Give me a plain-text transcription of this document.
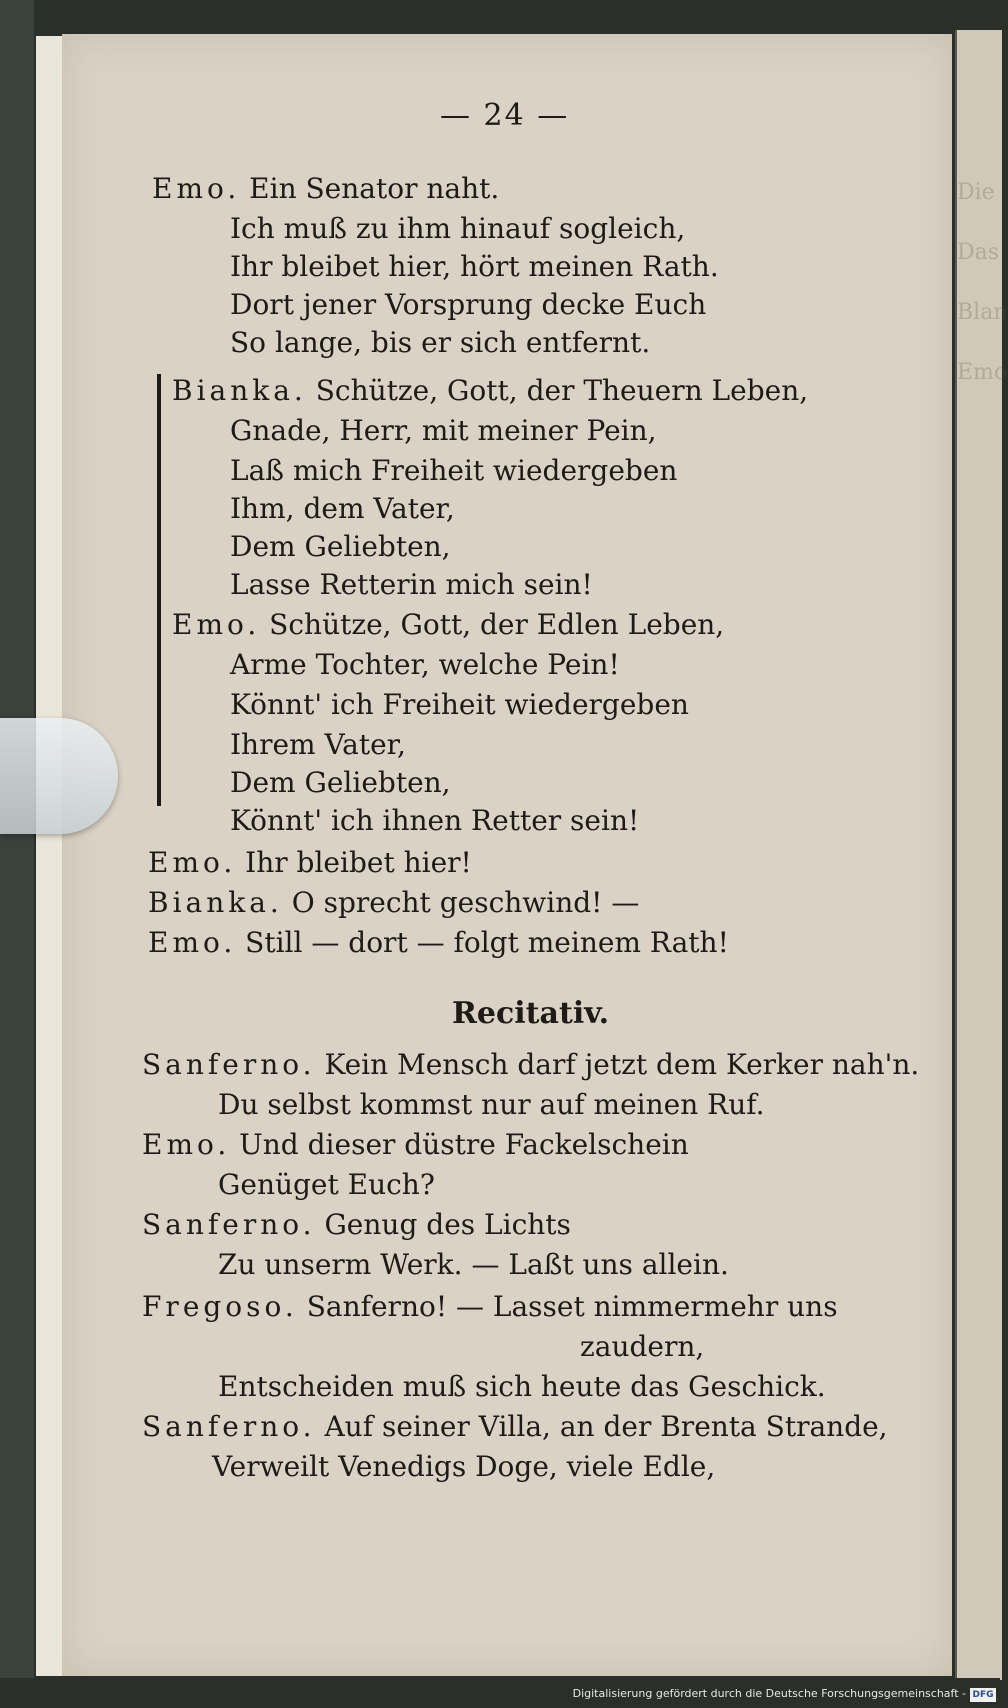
Die
Das
Blan
Emo
— 24 —
Emo. Ein Senator naht.
Ich muß zu ihm hinauf sogleich,
Ihr bleibet hier, hört meinen Rath.
Dort jener Vorsprung decke Euch
So lange, bis er sich entfernt.
Bianka. Schütze, Gott, der Theuern Leben,
Gnade, Herr, mit meiner Pein,
Laß mich Freiheit wiedergeben
Ihm, dem Vater,
Dem Geliebten,
Lasse Retterin mich sein!
Emo. Schütze, Gott, der Edlen Leben,
Arme Tochter, welche Pein!
Könnt' ich Freiheit wiedergeben
Ihrem Vater,
Dem Geliebten,
Könnt' ich ihnen Retter sein!
Emo. Ihr bleibet hier!
Bianka. O sprecht geschwind! —
Emo. Still — dort — folgt meinem Rath!
Recitativ.
Sanferno. Kein Mensch darf jetzt dem Kerker nah'n.
Du selbst kommst nur auf meinen Ruf.
Emo. Und dieser düstre Fackelschein
Genüget Euch?
Sanferno. Genug des Lichts
Zu unserm Werk. — Laßt uns allein.
Fregoso. Sanferno! — Lasset nimmermehr uns
zaudern,
Entscheiden muß sich heute das Geschick.
Sanferno. Auf seiner Villa, an der Brenta Strande,
Verweilt Venedigs Doge, viele Edle,
Digitalisierung gefördert durch die Deutsche Forschungsgemeinschaft - DFG
